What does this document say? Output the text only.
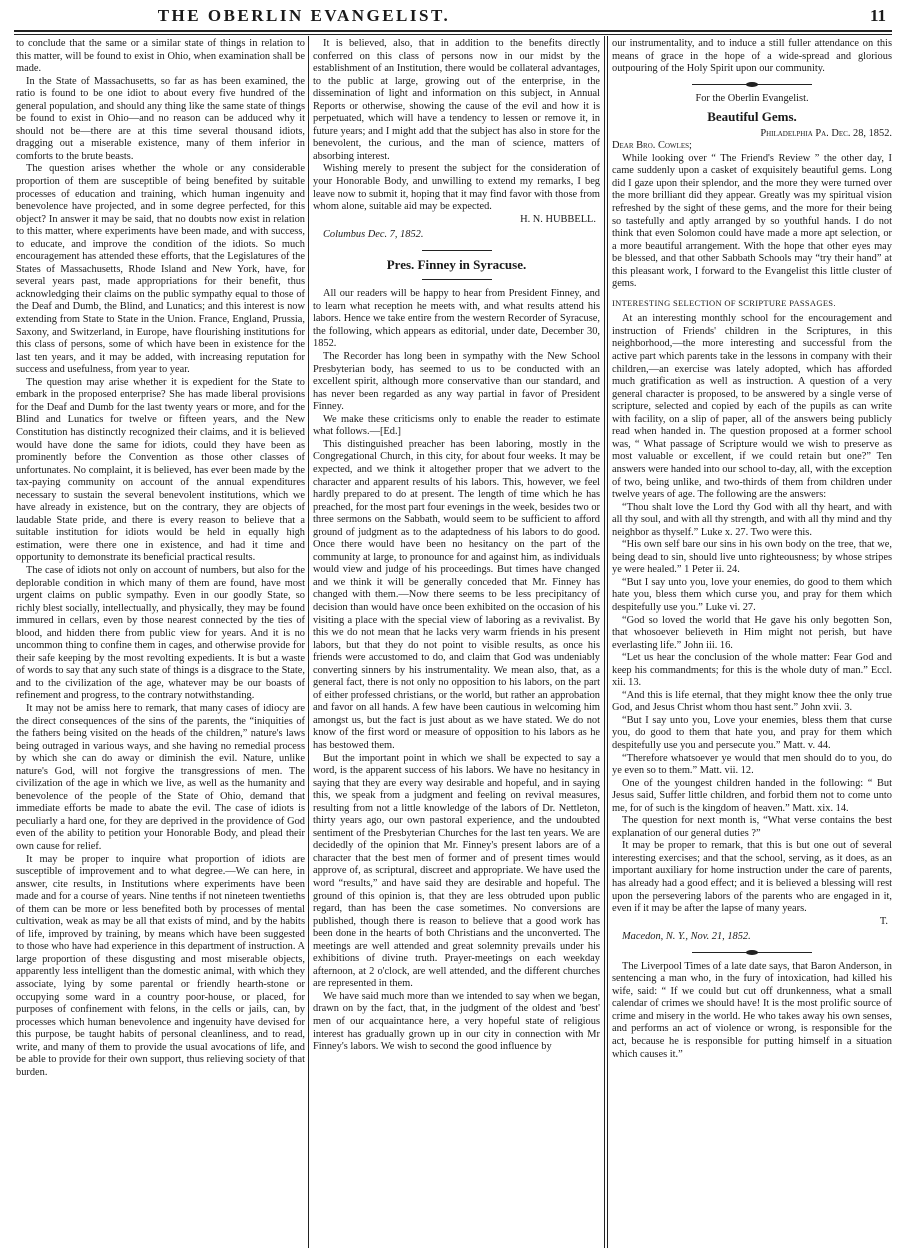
THE OBERLIN EVANGELIST.	11

to conclude that the same or a similar state of things in relation to this matter, will be found to exist in Ohio, when examination shall be made.

In the State of Massachusetts, so far as has been examined, the ratio is found to be one idiot to about every five hundred of the general population, and should any thing like the same state of things be found to exist in Ohio—and no reason can be adduced why it should not be—there are at this time several thousand idiots, dragging out a miserable existence, many of them inferior in comforts to the brute beasts.

The question arises whether the whole or any considerable proportion of them are susceptible of being benefited by suitable processes of education and training, which human ingenuity and benevolence have projected, and in some degree perfected, for this object? In answer it may be said, that no doubts now exist in relation to this matter, where experiments have been made, and with success, to educate, and improve the condition of the idiots. So much encouragement has attended these efforts, that the Legislatures of the States of Massachusetts, Rhode Island and New York, have, for several years past, made appropriations for their benefit, thus acknowledging their claims on the public sympathy equal to those of the Deaf and Dumb, the Blind, and Lunatics; and this interest is now extending from State to State in the Union. France, England, Prussia, Saxony, and Switzerland, in Europe, have flourishing institutions for this class of persons, some of which have been in existence for the last ten years, and it may be added, with increasing reputation for success and usefulness, from year to year.

The question may arise whether it is expedient for the State to embark in the proposed enterprise? She has made liberal provisions for the Deaf and Dumb for the last twenty years or more, and for the Blind and Lunatics for twelve or fifteen years, and the New Constitution has distinctly recognized their claims, and it is believed would have done the same for idiots, could they have been as prominently before the Convention as those other classes of unfortunates. No complaint, it is believed, has ever been made by the tax-paying community on account of the annual expenditures necessary to sustain the several benevolent institutions, which we have already in existence, but on the contrary, they are objects of laudable State pride, and there is every reason to believe that a suitable institution for idiots would be held in equally high estimation, were there one in existence, and had it time and opportunity to demonstrate its beneficial practical results.

The case of idiots not only on account of numbers, but also for the deplorable condition in which many of them are found, have most urgent claims on public sympathy. Even in our goodly State, so richly blest socially, intellectually, and physically, they may be found immured in cellars, even by those nearest connected by the ties of blood, and hidden there from public view for years. And it is no uncommon thing to confine them in cages, and otherwise provide for their safe keeping by the most revolting expedients. It is but a waste of words to say that any such state of things is a disgrace to the State, and to the civilization of the age, whatever may be our boasts of refinement and progress, to the contrary notwithstanding.

It may not be amiss here to remark, that many cases of idiocy are the direct consequences of the sins of the parents, the “iniquities of the fathers being visited on the heads of the children,” nature's laws being outraged in various ways, and she having no remedial process by which she can do away or diminish the evil. Nature, unlike nature's God, will not forgive the transgressions of men. The civilization of the age in which we live, as well as the humanity and benevolence of the people of the State of Ohio, demand that immediate efforts be made to abate the evil. The case of idiots is peculiarly a hard one, for they are deprived in the providence of God even of the ability to petition your Honorable Body, and plead their own cause for relief.

It may be proper to inquire what proportion of idiots are susceptible of improvement and to what degree.—We can here, in answer, cite results, in Institutions where experiments have been made and for a course of years. Nine tenths if not nineteen twentieths of them can be more or less benefited both by processes of mental cultivation, weak as may be all that exists of mind, and by the habits of life, improved by training, by means which have been suggested to those who have had experience in this department of instruction. A large proportion of these disgusting and most miserable objects, apparently less intelligent than the domestic animal, with which they associate, lying by some parental or friendly hearth-stone or occupying some ward in a country poor-house, or placed, for purposes of confinement with felons, in the cells or jails, can, by processes which human benevolence and ingenuity have devised for this purpose, be taught habits of personal cleanliness, and to read, write, and many of them to provide the usual avocations of life, and be able to provide for their own support, thus relieving society of that burden.

It is believed, also, that in addition to the benefits directly conferred on this class of persons now in our midst by the establishment of an Institution, there would be collateral advantages, to the public at large, growing out of the enterprise, in the dissemination of light and information on this subject, in Annual Reports or otherwise, showing the cause of the evil and how it is perpetuated, which will have a tendency to lessen or remove it, in future years; and I might add that the subject has also in store for the benevolent, the curious, and the man of science, matters of absorbing interest.

Wishing merely to present the subject for the consideration of your Honorable Body, and unwilling to extend my remarks, I beg leave now to submit it, hoping that it may find favor with those from whom alone, suitable aid may be expected.

H. N. HUBBELL.
Columbus Dec. 7, 1852.
Pres. Finney in Syracuse.

All our readers will be happy to hear from President Finney, and to learn what reception he meets with, and what results attend his labors. Hence we take entire from the western Recorder of Syracuse, the following, which appears as editorial, under date, December 30, 1852.

The Recorder has long been in sympathy with the New School Presbyterian body, has seemed to us to be conducted with an excellent spirit, although more conservative than our standard, and has never been regarded as any way partial in favor of President Finney.

We make these criticisms only to enable the reader to estimate what follows.—[Ed.]

This distinguished preacher has been laboring, mostly in the Congregational Church, in this city, for about four weeks. It may be expected, and we think it altogether proper that we advert to the character and apparent results of his labors. This, however, we feel hardly prepared to do at present. The length of time which he has preached, for the most part four evenings in the week, besides two or three sermons on the Sabbath, would seem to be sufficient to afford ground of judgment as to the adaptedness of his labors to do good. Once there would have been no hesitancy on the part of the community at large, to pronounce for and against him, as individuals would view and judge of his proceedings. But times have changed and we think it will be generally conceded that Mr. Finney has changed with them.—Now there seems to be less precipitancy of decision than would have once been exhibited on the occasion of his visiting a place with the special view of laboring as a revivalist. By this we do not mean that he lacks very warm friends in his present labors, but that they do not point to visible results, as once his friends were accustomed to do, and claim that God was undeniably converting sinners by his instrumentality. We mean also, that, as a general fact, there is not only no opposition to his labors, on the part of either professed christians, or the world, but rather an approbation and favor on all hands. A few have been cautious in welcoming him amongst us, but the fact is just about as we have stated. We do not know of the first word or measure of opposition to his labors as he has bestowed them.

But the important point in which we shall be expected to say a word, is the apparent success of his labors. We have no hesitancy in saying that they are every way desirable and hopeful, and in saying this, we speak from a judgment and feeling on revival measures, resulting from not a little knowledge of the labors of Dr. Nettleton, thirty years ago, our own pastoral experience, and the undoubted sentiment of the Presbyterian Churches for the last ten years. We are decidedly of the opinion that Mr. Finney's present labors are of a character that the best men of former and of present times would approve of, as scriptural, discreet and appropriate. We have used the word “results,” and have said they are desirable and hopeful. The ground of this opinion is, that they are less obtruded upon public regard, than has been the case sometimes. No conversions are published, though there is reason to believe that a good work has been done in the hearts of both Christians and the unconverted. The meetings are well attended and great solemnity prevails under his exhibitions of divine truth. Prayer-meetings on each weekday afternoon, at 2 o'clock, are well attended, and the different churches are represented in them.

We have said much more than we intended to say when we began, drawn on by the fact, that, in the judgment of the oldest and 'best' men of our acquaintance here, a very hopeful state of religious interest has gradually grown up in our city in connection with Mr Finney's labors. We wish to second the good influence by

our instrumentality, and to induce a still fuller attendance on this means of grace in the hope of a wide-spread and glorious outpouring of the Holy Spirit upon our community.

For the Oberlin Evangelist.
Beautiful Gems.
Philadelphia Pa. Dec. 28, 1852.

Dear Bro. Cowles;

While looking over “ The Friend's Review ” the other day, I came suddenly upon a casket of exquisitely beautiful gems. Long did I gaze upon their splendor, and the more they were turned over the more brilliant did they appear. Greatly was my spiritual vision refreshed by the sight of these gems, and the more for their being so tastefully and aptly arranged by so youthful hands. I do not think that even Solomon could have made a more apt selection, or a more beautiful arrangement. With the hope that other eyes may be blessed, and that other Sabbath Schools may “try their hand” at this pleasant work, I forward to the Evangelist this little cluster of gems.

INTERESTING SELECTION OF SCRIPTURE PASSAGES.

At an interesting monthly school for the encouragement and instruction of Friends' children in the Scriptures, in this neighborhood,—the more interesting and successful from the active part which parents take in the lessons in company with their children,—an exercise was lately adopted, which has afforded much gratification as well as instruction. A question of a very general character is proposed, to be answered by a single verse of scripture, selected and copied by each of the pupils as can write with facility, on a slip of paper, all of the answers being publicly read when handed in. The question proposed at a former school was, “ What passage of Scripture would we wish to preserve as most valuable or excellent, if we could retain but one?” Ten answers were handed into our school to-day, all, with the exception of two, being unlike, and two-thirds of them from children under twelve years of age. The following are the answers:

“Thou shalt love the Lord thy God with all thy heart, and with all thy soul, and with all thy strength, and with all thy mind and thy neighbor as thyself.” Luke x. 27. Two were this.

“His own self bare our sins in his own body on the tree, that we, being dead to sin, should live unto righteousness; by whose stripes ye were healed.” 1 Peter ii. 24.

“But I say unto you, love your enemies, do good to them which hate you, bless them which curse you, and pray for them which despitefully use you.” Luke vi. 27.

“God so loved the world that He gave his only begotten Son, that whosoever believeth in Him might not perish, but have everlasting life.” John iii. 16.

“Let us hear the conclusion of the whole matter: Fear God and keep his commandments; for this is the whole duty of man.” Eccl. xii. 13.

“And this is life eternal, that they might know thee the only true God, and Jesus Christ whom thou hast sent.” John xvii. 3.

“But I say unto you, Love your enemies, bless them that curse you, do good to them that hate you, and pray for them which despitefully use you and persecute you.” Matt. v. 44.

“Therefore whatsoever ye would that men should do to you, do ye even so to them.” Matt. vii. 12.

One of the youngest children handed in the following: “ But Jesus said, Suffer little children, and forbid them not to come unto me, for of such is the kingdom of heaven.” Matt. xix. 14.

The question for next month is, “What verse contains the best explanation of our general duties ?”

It may be proper to remark, that this is but one out of several interesting exercises; and that the school, serving, as it does, as an important auxiliary for home instruction under the care of parents, has already had a good effect; and it is believed a blessing will rest upon the persevering labors of the parents who are engaged in it, even if it may be after the lapse of many years.

T.
Macedon, N. Y., Nov. 21, 1852.

The Liverpool Times of a late date says, that Baron Anderson, in sentencing a man who, in the fury of intoxication, had killed his wife, said: “ If we could but cut off drunkenness, what a small calendar of crimes we should have! It is the most prolific source of crime and misery in the world. He who takes away his own senses, and performs an act of violence or wrong, is responsible for the act, because he is responsible for putting himself in a situation which causes it.”
